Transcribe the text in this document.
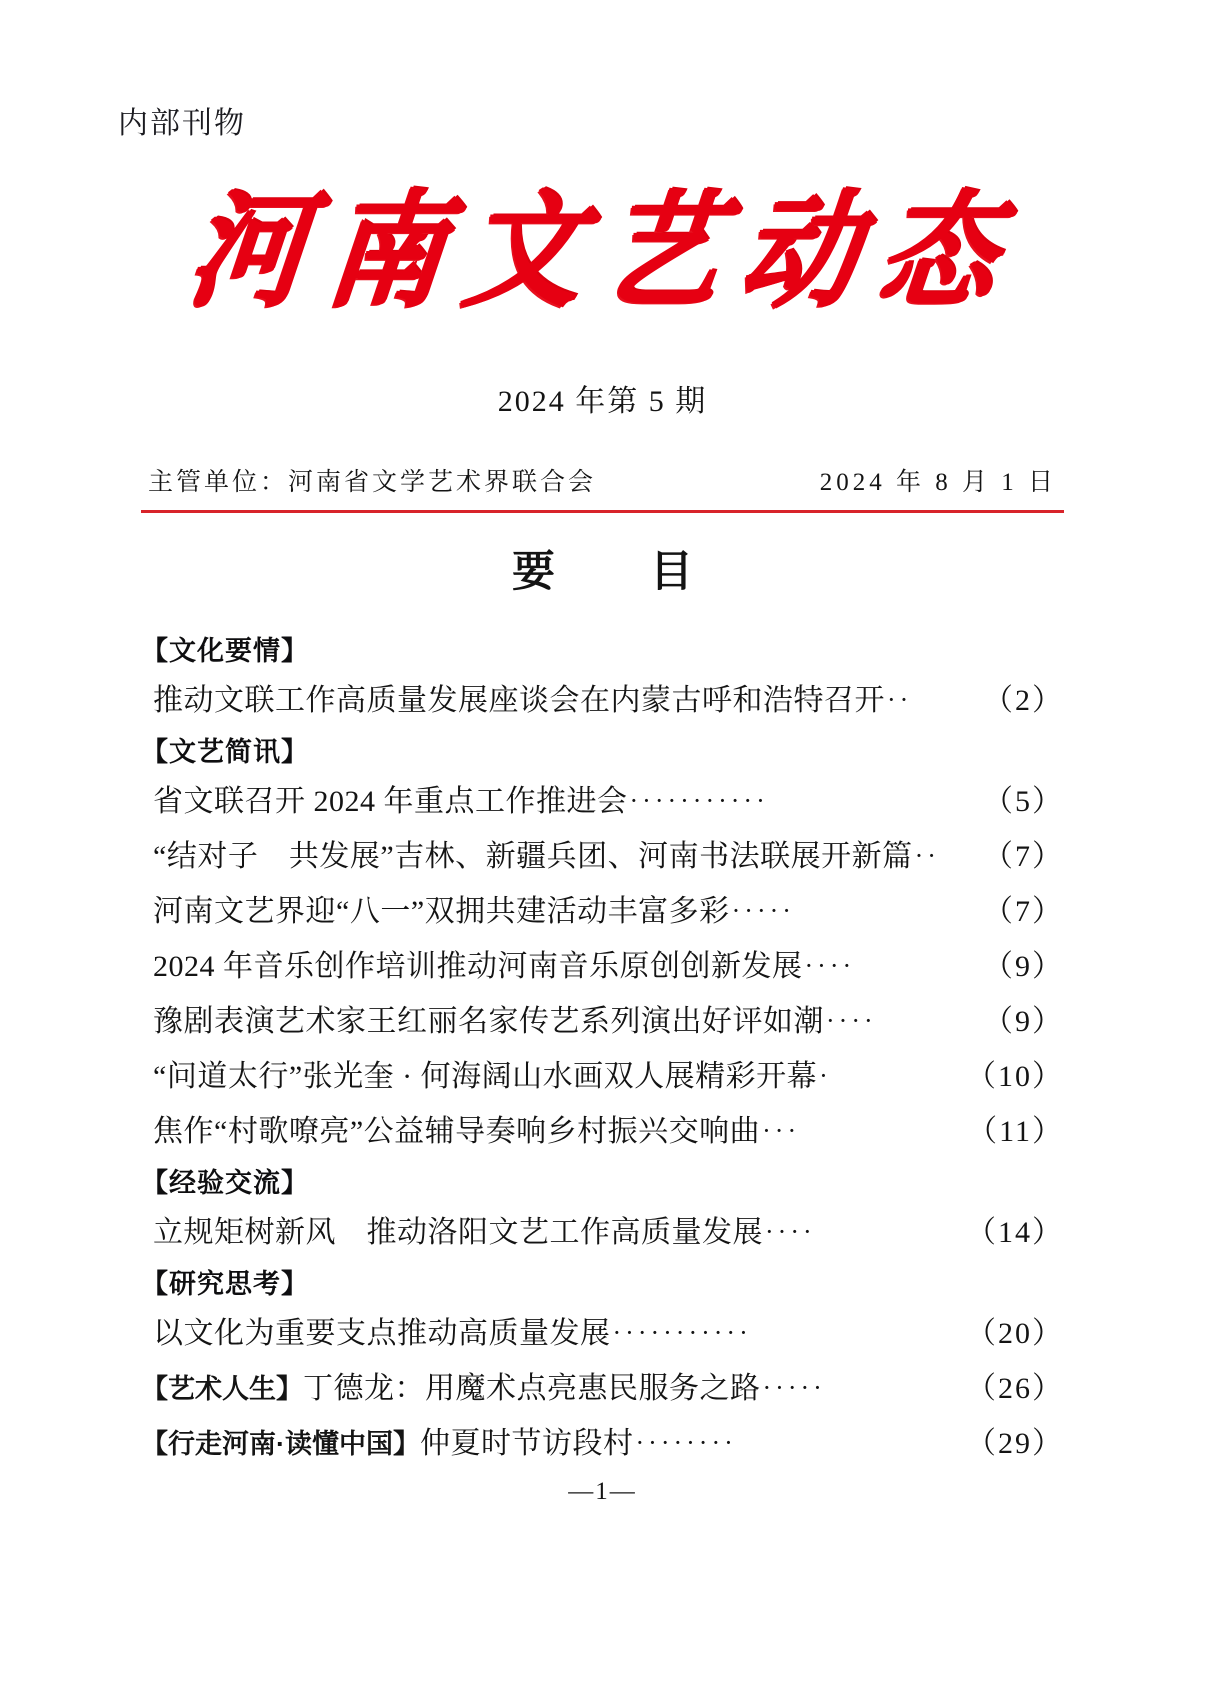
内部刊物
河南文艺动态
2024 年第 5 期
主管单位：河南省文学艺术界联合会	2024 年 8 月 1 日
要　目
【文化要情】
推动文联工作高质量发展座谈会在内蒙古呼和浩特召开 ··	（2）
【文艺简讯】
省文联召开 2024 年重点工作推进会 ···········	（5）
“结对子　共发展”吉林、新疆兵团、河南书法联展开新篇 ··	（7）
河南文艺界迎“八一”双拥共建活动丰富多彩 ·····	（7）
2024 年音乐创作培训推动河南音乐原创创新发展 ····	（9）
豫剧表演艺术家王红丽名家传艺系列演出好评如潮 ····	（9）
“问道太行”张光奎 · 何海阔山水画双人展精彩开幕 ·	（10）
焦作“村歌嘹亮”公益辅导奏响乡村振兴交响曲 ···	（11）
【经验交流】
立规矩树新风　推动洛阳文艺工作高质量发展 ····	（14）
【研究思考】
以文化为重要支点推动高质量发展 ···········	（20）
【艺术人生】 丁德龙：用魔术点亮惠民服务之路 ·····	（26）
【行走河南·读懂中国】 仲夏时节访段村 ········	（29）
—1—
